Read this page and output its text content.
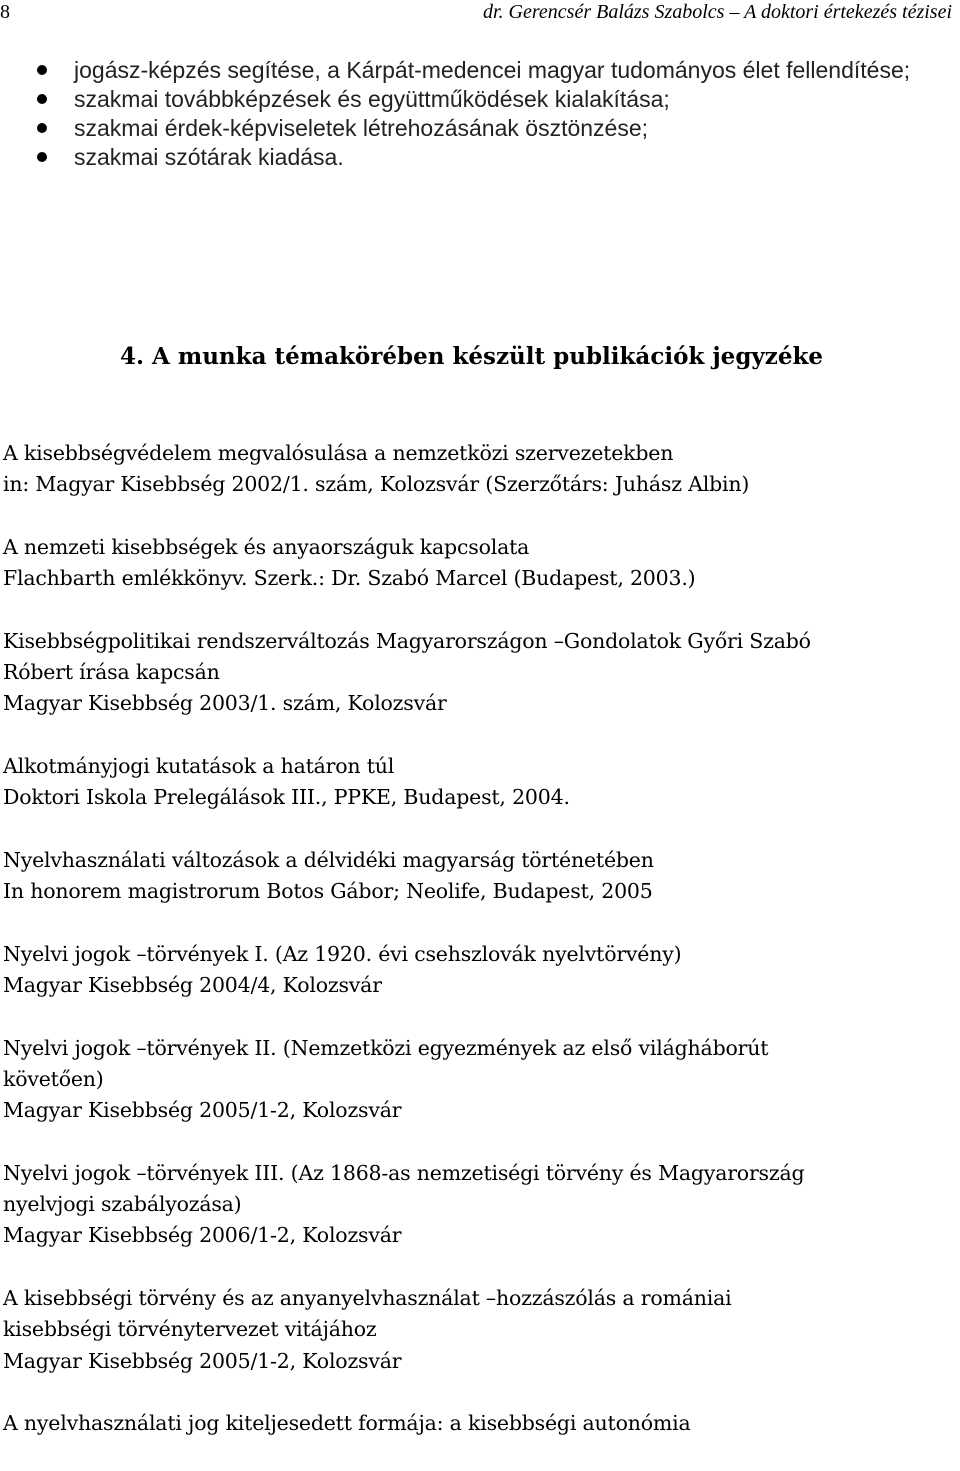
8	dr. Gerencsér Balázs Szabolcs – A doktori értekezés tézisei
jogász-képzés segítése, a Kárpát-medencei magyar tudományos élet fellendítése;
szakmai továbbképzések és együttműködések kialakítása;
szakmai érdek-képviseletek létrehozásának ösztönzése;
szakmai szótárak kiadása.
4. A munka témakörében készült publikációk jegyzéke
A kisebbségvédelem megvalósulása a nemzetközi szervezetekben
in: Magyar Kisebbség 2002/1. szám, Kolozsvár (Szerzőtárs: Juhász Albin)
A nemzeti kisebbségek és anyaországuk kapcsolata
Flachbarth emlékkönyv. Szerk.: Dr. Szabó Marcel (Budapest, 2003.)
Kisebbségpolitikai rendszerváltozás Magyarországon –Gondolatok Győri Szabó
Róbert írása kapcsán
Magyar Kisebbség 2003/1. szám, Kolozsvár
Alkotmányjogi kutatások a határon túl
Doktori Iskola Prelegálások III., PPKE, Budapest, 2004.
Nyelvhasználati változások a délvidéki magyarság történetében
In honorem magistrorum Botos Gábor; Neolife, Budapest, 2005
Nyelvi jogok –törvények I. (Az 1920. évi csehszlovák nyelvtörvény)
Magyar Kisebbség 2004/4, Kolozsvár
Nyelvi jogok –törvények II. (Nemzetközi egyezmények az első világháborút
követően)
Magyar Kisebbség 2005/1-2, Kolozsvár
Nyelvi jogok –törvények III. (Az 1868-as nemzetiségi törvény és Magyarország
nyelvjogi szabályozása)
Magyar Kisebbség 2006/1-2, Kolozsvár
A kisebbségi törvény és az anyanyelvhasználat –hozzászólás a romániai
kisebbségi törvénytervezet vitájához
Magyar Kisebbség 2005/1-2, Kolozsvár
A nyelvhasználati jog kiteljesedett formája: a kisebbségi autonómia
